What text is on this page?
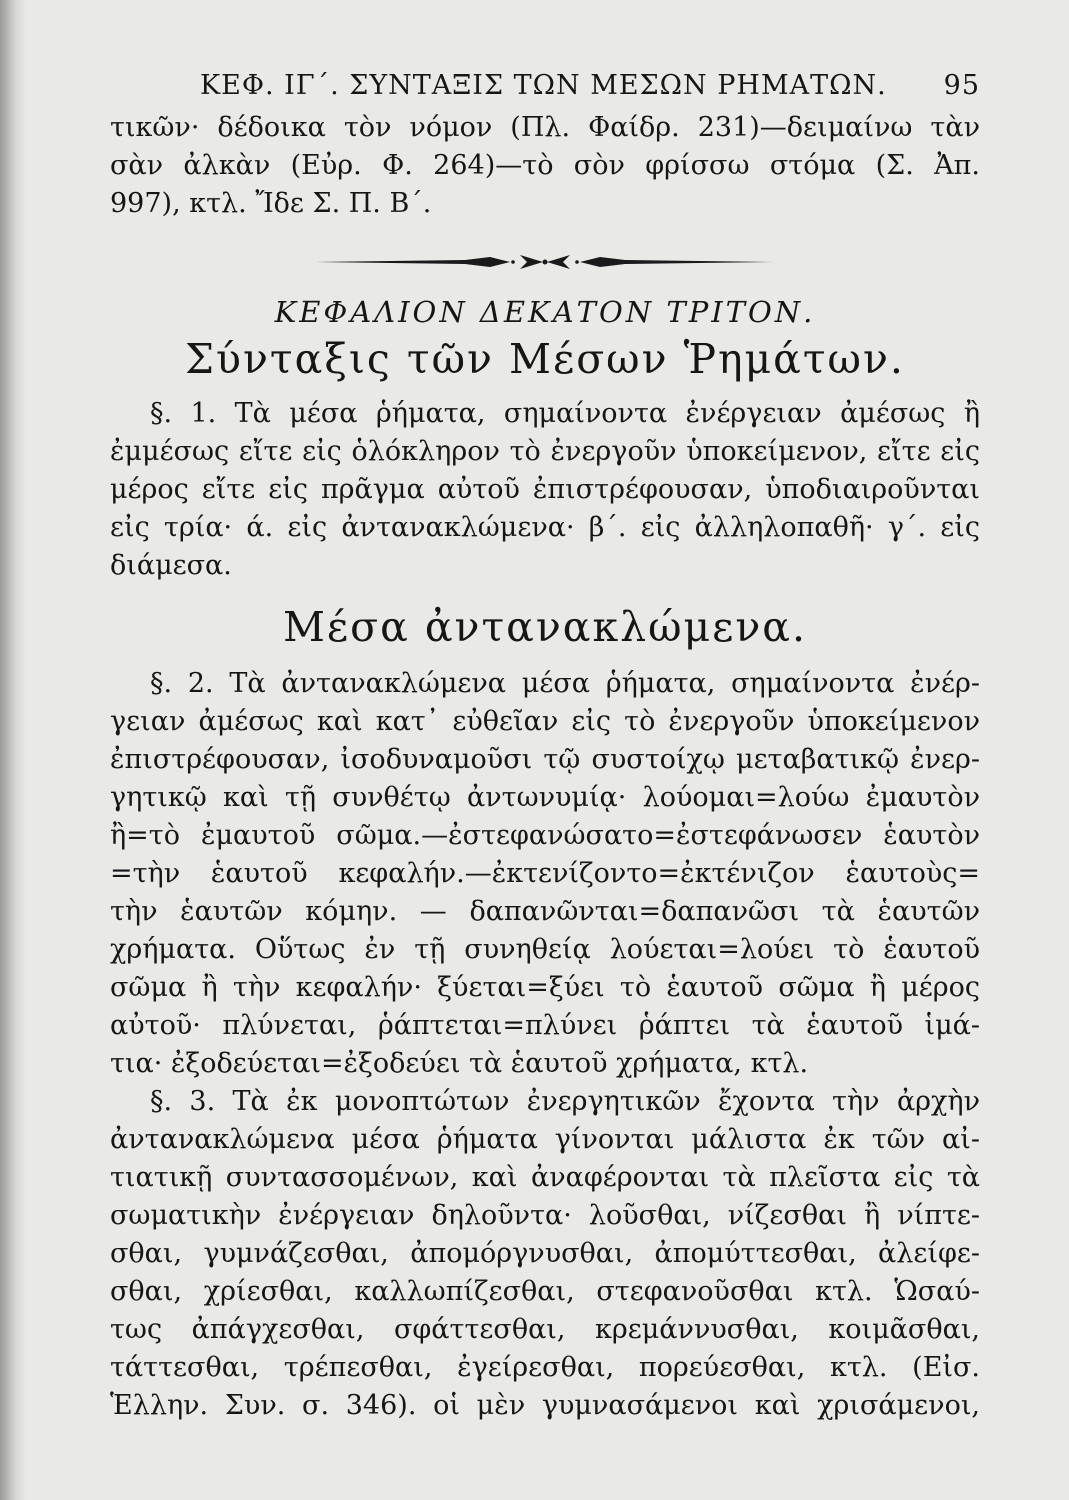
ΚΕΦ. ΙΓ΄. ΣΥΝΤΑΞΙΣ ΤΩΝ ΜΕΣΩΝ ΡΗΜΑΤΩΝ. 95
τικῶν· δέδοικα τὸν νόμον (Πλ. Φαίδρ. 231)—δειμαίνω τὰν
σὰν ἀλκὰν (Εὐρ. Φ. 264)—τὸ σὸν φρίσσω στόμα (Σ. Ἀπ.
997), κτλ. Ἴδε Σ. Π. Β΄.
ΚΕΦΑΛΙΟΝ ΔΕΚΑΤΟΝ ΤΡΙΤΟΝ.
Σύνταξις τῶν Μέσων Ῥημάτων.
§. 1. Τὰ μέσα ῥήματα, σημαίνοντα ἐνέργειαν ἀμέσως ἢ
ἐμμέσως εἴτε εἰς ὁλόκληρον τὸ ἐνεργοῦν ὑποκείμενον, εἴτε εἰς
μέρος εἴτε εἰς πρᾶγμα αὐτοῦ ἐπιστρέφουσαν, ὑποδιαιροῦνται
εἰς τρία· ά. εἰς ἀντανακλώμενα· β΄. εἰς ἀλληλοπαθῆ· γ΄. εἰς
διάμεσα.
Μέσα ἀντανακλώμενα.
§. 2. Τὰ ἀντανακλώμενα μέσα ῥήματα, σημαίνοντα ἐνέρ-
γειαν ἀμέσως καὶ κατ᾽ εὐθεῖαν εἰς τὸ ἐνεργοῦν ὑποκείμενον
ἐπιστρέφουσαν, ἰσοδυναμοῦσι τῷ συστοίχῳ μεταβατικῷ ἐνερ-
γητικῷ καὶ τῇ συνθέτῳ ἀντωνυμίᾳ· λούομαι=λούω ἐμαυτὸν
ἢ=τὸ ἐμαυτοῦ σῶμα.—ἐστεφανώσατο=ἐστεφάνωσεν ἑαυτὸν
=τὴν ἑαυτοῦ κεφαλήν.—ἐκτενίζοντο=ἐκτένιζον ἑαυτοὺς=
τὴν ἑαυτῶν κόμην. — δαπανῶνται=δαπανῶσι τὰ ἑαυτῶν
χρήματα. Οὕτως ἐν τῇ συνηθείᾳ λούεται=λούει τὸ ἑαυτοῦ
σῶμα ἢ τὴν κεφαλήν· ξύεται=ξύει τὸ ἑαυτοῦ σῶμα ἢ μέρος
αὐτοῦ· πλύνεται, ῥάπτεται=πλύνει ῥάπτει τὰ ἑαυτοῦ ἱμά-
τια· ἐξοδεύεται=ἐξοδεύει τὰ ἑαυτοῦ χρήματα, κτλ.
§. 3. Τὰ ἐκ μονοπτώτων ἐνεργητικῶν ἔχοντα τὴν ἀρχὴν
ἀντανακλώμενα μέσα ῥήματα γίνονται μάλιστα ἐκ τῶν αἰ-
τιατικῇ συντασσομένων, καὶ ἀναφέρονται τὰ πλεῖστα εἰς τὰ
σωματικὴν ἐνέργειαν δηλοῦντα· λοῦσθαι, νίζεσθαι ἢ νίπτε-
σθαι, γυμνάζεσθαι, ἀπομόργνυσθαι, ἀπομύττεσθαι, ἀλείφε-
σθαι, χρίεσθαι, καλλωπίζεσθαι, στεφανοῦσθαι κτλ. Ὡσαύ-
τως ἀπάγχεσθαι, σφάττεσθαι, κρεμάννυσθαι, κοιμᾶσθαι,
τάττεσθαι, τρέπεσθαι, ἐγείρεσθαι, πορεύεσθαι, κτλ. (Εἰσ.
Ἑλλην. Συν. σ. 346). οἱ μὲν γυμνασάμενοι καὶ χρισάμενοι,
